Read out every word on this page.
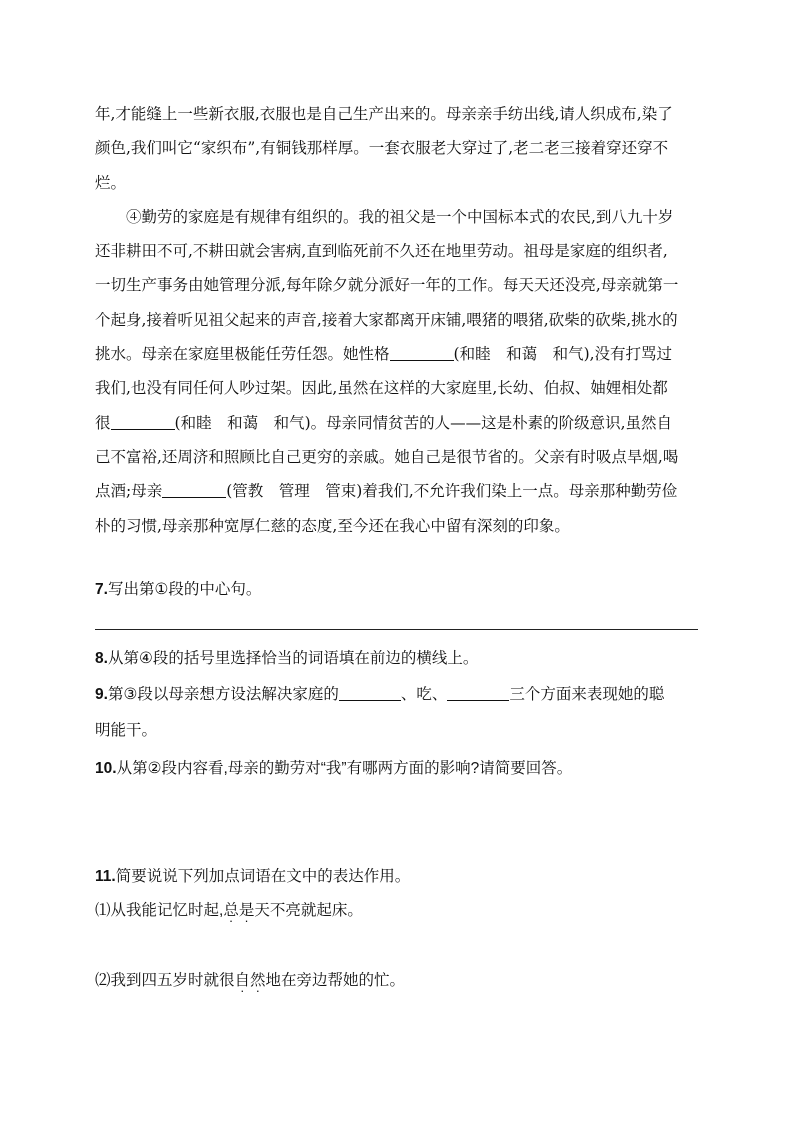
年,才能缝上一些新衣服,衣服也是自己生产出来的。母亲亲手纺出线,请人织成布,染了
颜色,我们叫它“家织布”,有铜钱那样厚。一套衣服老大穿过了,老二老三接着穿还穿不
烂。
④勤劳的家庭是有规律有组织的。我的祖父是一个中国标本式的农民,到八九十岁
还非耕田不可,不耕田就会害病,直到临死前不久还在地里劳动。祖母是家庭的组织者,
一切生产事务由她管理分派,每年除夕就分派好一年的工作。每天天还没亮,母亲就第一
个起身,接着听见祖父起来的声音,接着大家都离开床铺,喂猪的喂猪,砍柴的砍柴,挑水的
挑水。母亲在家庭里极能任劳任怨。她性格	(和睦　和蔼　和气),没有打骂过
我们,也没有同任何人吵过架。因此,虽然在这样的大家庭里,长幼、伯叔、妯娌相处都
很	(和睦　和蔼　和气)。母亲同情贫苦的人——这是朴素的阶级意识,虽然自
己不富裕,还周济和照顾比自己更穷的亲戚。她自己是很节省的。父亲有时吸点旱烟,喝
点酒;母亲	(管教　管理　管束)着我们,不允许我们染上一点。母亲那种勤劳俭
朴的习惯,母亲那种宽厚仁慈的态度,至今还在我心中留有深刻的印象。
7.写出第①段的中心句。
8.从第④段的括号里选择恰当的词语填在前边的横线上。
9.第③段以母亲想方设法解决家庭的	、吃、	三个方面来表现她的聪
明能干。
10.从第②段内容看,母亲的勤劳对“我”有哪两方面的影响?请简要回答。
11.简要说说下列加点词语在文中的表达作用。
⑴从我能记忆时起,总是天不亮就起床。
⑵我到四五岁时就很自然地在旁边帮她的忙。
